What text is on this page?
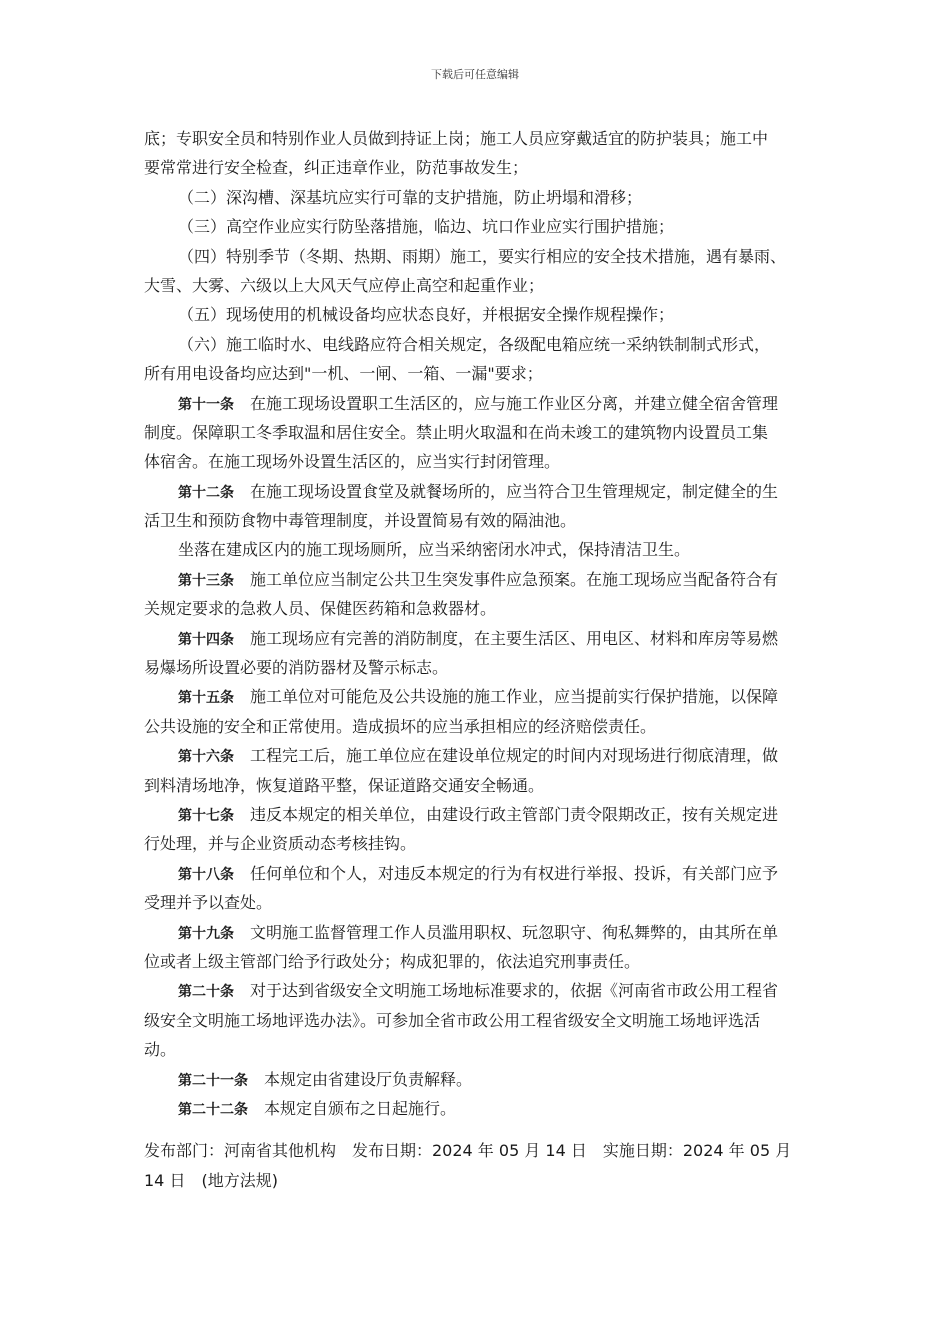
下载后可任意编辑
底；专职安全员和特别作业人员做到持证上岗；施工人员应穿戴适宜的防护装具；施工中
要常常进行安全检查，纠正违章作业，防范事故发生；
（二）深沟槽、深基坑应实行可靠的支护措施，防止坍塌和滑移；
（三）高空作业应实行防坠落措施，临边、坑口作业应实行围护措施；
（四）特别季节（冬期、热期、雨期）施工，要实行相应的安全技术措施，遇有暴雨、
大雪、大雾、六级以上大风天气应停止高空和起重作业；
（五）现场使用的机械设备均应状态良好，并根据安全操作规程操作；
（六）施工临时水、电线路应符合相关规定，各级配电箱应统一采纳铁制制式形式，
所有用电设备均应达到"一机、一闸、一箱、一漏"要求；
第十一条 在施工现场设置职工生活区的，应与施工作业区分离，并建立健全宿舍管理
制度。保障职工冬季取温和居住安全。禁止明火取温和在尚未竣工的建筑物内设置员工集
体宿舍。在施工现场外设置生活区的，应当实行封闭管理。
第十二条 在施工现场设置食堂及就餐场所的，应当符合卫生管理规定，制定健全的生
活卫生和预防食物中毒管理制度，并设置简易有效的隔油池。
坐落在建成区内的施工现场厕所，应当采纳密闭水冲式，保持清洁卫生。
第十三条 施工单位应当制定公共卫生突发事件应急预案。在施工现场应当配备符合有
关规定要求的急救人员、保健医药箱和急救器材。
第十四条 施工现场应有完善的消防制度，在主要生活区、用电区、材料和库房等易燃
易爆场所设置必要的消防器材及警示标志。
第十五条 施工单位对可能危及公共设施的施工作业，应当提前实行保护措施，以保障
公共设施的安全和正常使用。造成损坏的应当承担相应的经济赔偿责任。
第十六条 工程完工后，施工单位应在建设单位规定的时间内对现场进行彻底清理，做
到料清场地净，恢复道路平整，保证道路交通安全畅通。
第十七条 违反本规定的相关单位，由建设行政主管部门责令限期改正，按有关规定进
行处理，并与企业资质动态考核挂钩。
第十八条 任何单位和个人，对违反本规定的行为有权进行举报、投诉，有关部门应予
受理并予以查处。
第十九条 文明施工监督管理工作人员滥用职权、玩忽职守、徇私舞弊的，由其所在单
位或者上级主管部门给予行政处分；构成犯罪的，依法追究刑事责任。
第二十条 对于达到省级安全文明施工场地标准要求的，依据《河南省市政公用工程省
级安全文明施工场地评选办法》。可参加全省市政公用工程省级安全文明施工场地评选活
动。
第二十一条 本规定由省建设厅负责解释。
第二十二条 本规定自颁布之日起施行。
发布部门：河南省其他机构　发布日期：2024 年 05 月 14 日　实施日期：2024 年 05 月
14 日　(地方法规)
